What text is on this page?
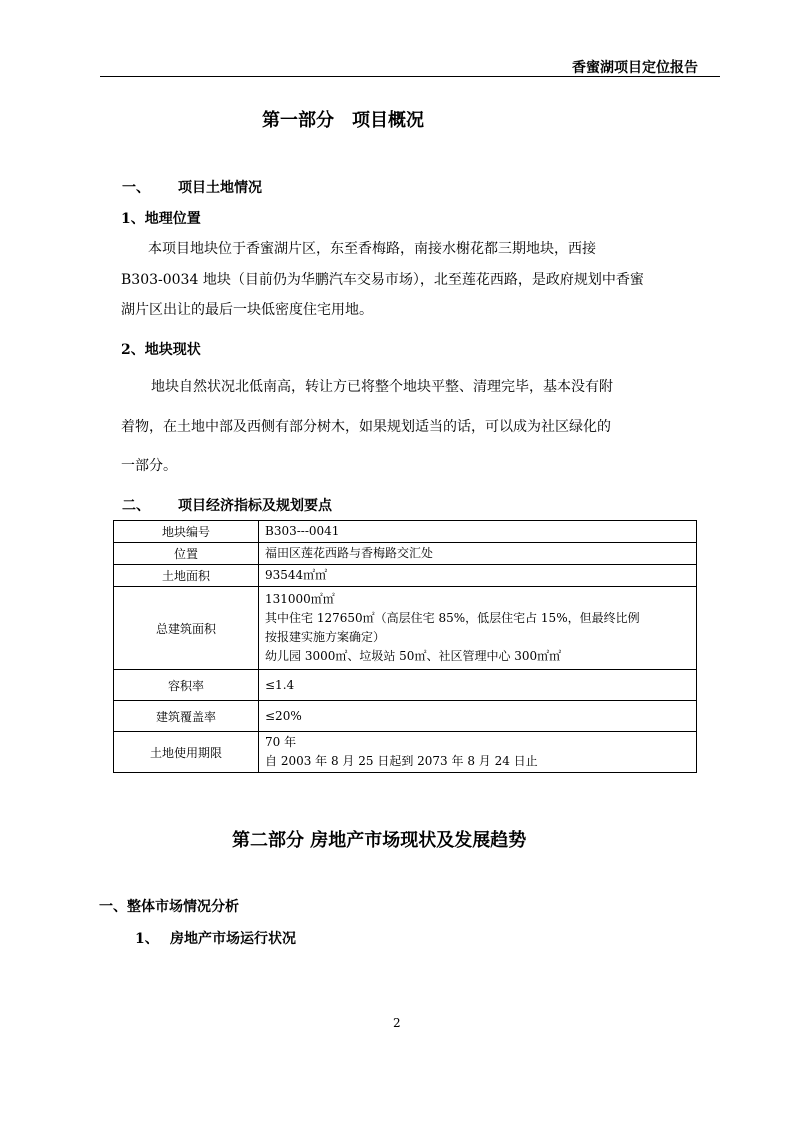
香蜜湖项目定位报告
第一部分　项目概况
一、 项目土地情况
1、地理位置
本项目地块位于香蜜湖片区，东至香梅路，南接水榭花都三期地块，西接
B303-0034 地块（目前仍为华鹏汽车交易市场），北至莲花西路，是政府规划中香蜜
湖片区出让的最后一块低密度住宅用地。
2、地块现状
地块自然状况北低南高，转让方已将整个地块平整、清理完毕，基本没有附
着物，在土地中部及西侧有部分树木，如果规划适当的话，可以成为社区绿化的
一部分。
二、 项目经济指标及规划要点
地块编号	B303---0041

位置	福田区莲花西路与香梅路交汇处

土地面积	93544㎡㎡

总建筑面积	131000㎡㎡
其中住宅 127650㎡（高层住宅 85%，低层住宅占 15%，但最终比例
按报建实施方案确定）
幼儿园 3000㎡、垃圾站 50㎡、社区管理中心 300㎡㎡

容积率	≤1.4

建筑覆盖率	≤20%

土地使用期限	70 年
自 2003 年 8 月 25 日起到 2073 年 8 月 24 日止
第二部分 房地产市场现状及发展趋势
一、整体市场情况分析
1、 房地产市场运行状况
2
